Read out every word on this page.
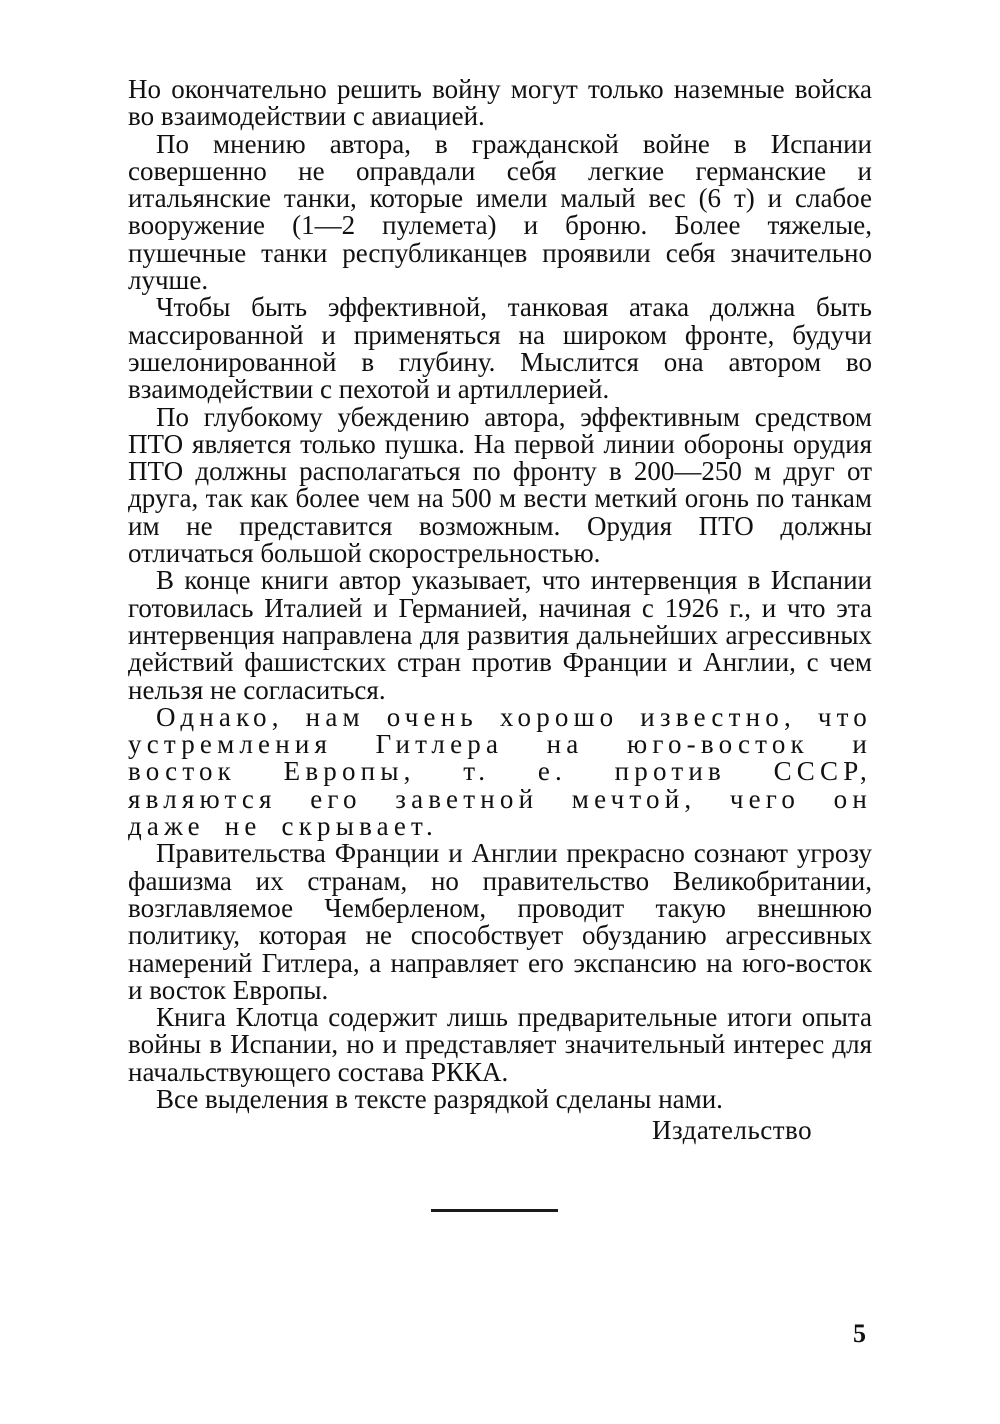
Но окончательно решить войну могут только наземные войска во взаимодействии с авиацией.

По мнению автора, в гражданской войне в Испании совершенно не оправдали себя легкие германские и итальянские танки, которые имели малый вес (6 т) и слабое вооружение (1—2 пулемета) и броню. Более тяжелые, пушечные танки республиканцев проявили себя значительно лучше.

Чтобы быть эффективной, танковая атака должна быть массированной и применяться на широком фронте, будучи эшелонированной в глубину. Мыслится она автором во взаимодействии с пехотой и артиллерией.

По глубокому убеждению автора, эффективным средством ПТО является только пушка. На первой линии обороны орудия ПТО должны располагаться по фронту в 200—250 м друг от друга, так как более чем на 500 м вести меткий огонь по танкам им не представится возможным. Орудия ПТО должны отличаться большой скорострельностью.

В конце книги автор указывает, что интервенция в Испании готовилась Италией и Германией, начиная с 1926 г., и что эта интервенция направлена для развития дальнейших агрессивных действий фашистских стран против Франции и Англии, с чем нельзя не согласиться.

Однако, нам очень хорошо известно, что устремления Гитлера на юго-восток и восток Европы, т. е. против СССР, являются его заветной мечтой, чего он даже не скрывает.

Правительства Франции и Англии прекрасно сознают угрозу фашизма их странам, но правительство Великобритании, возглавляемое Чемберленом, проводит такую внешнюю политику, которая не способствует обузданию агрессивных намерений Гитлера, а направляет его экспансию на юго-восток и восток Европы.

Книга Клотца содержит лишь предварительные итоги опыта войны в Испании, но и представляет значительный интерес для начальствующего состава РККА.

Все выделения в тексте разрядкой сделаны нами.

Издательство
5
